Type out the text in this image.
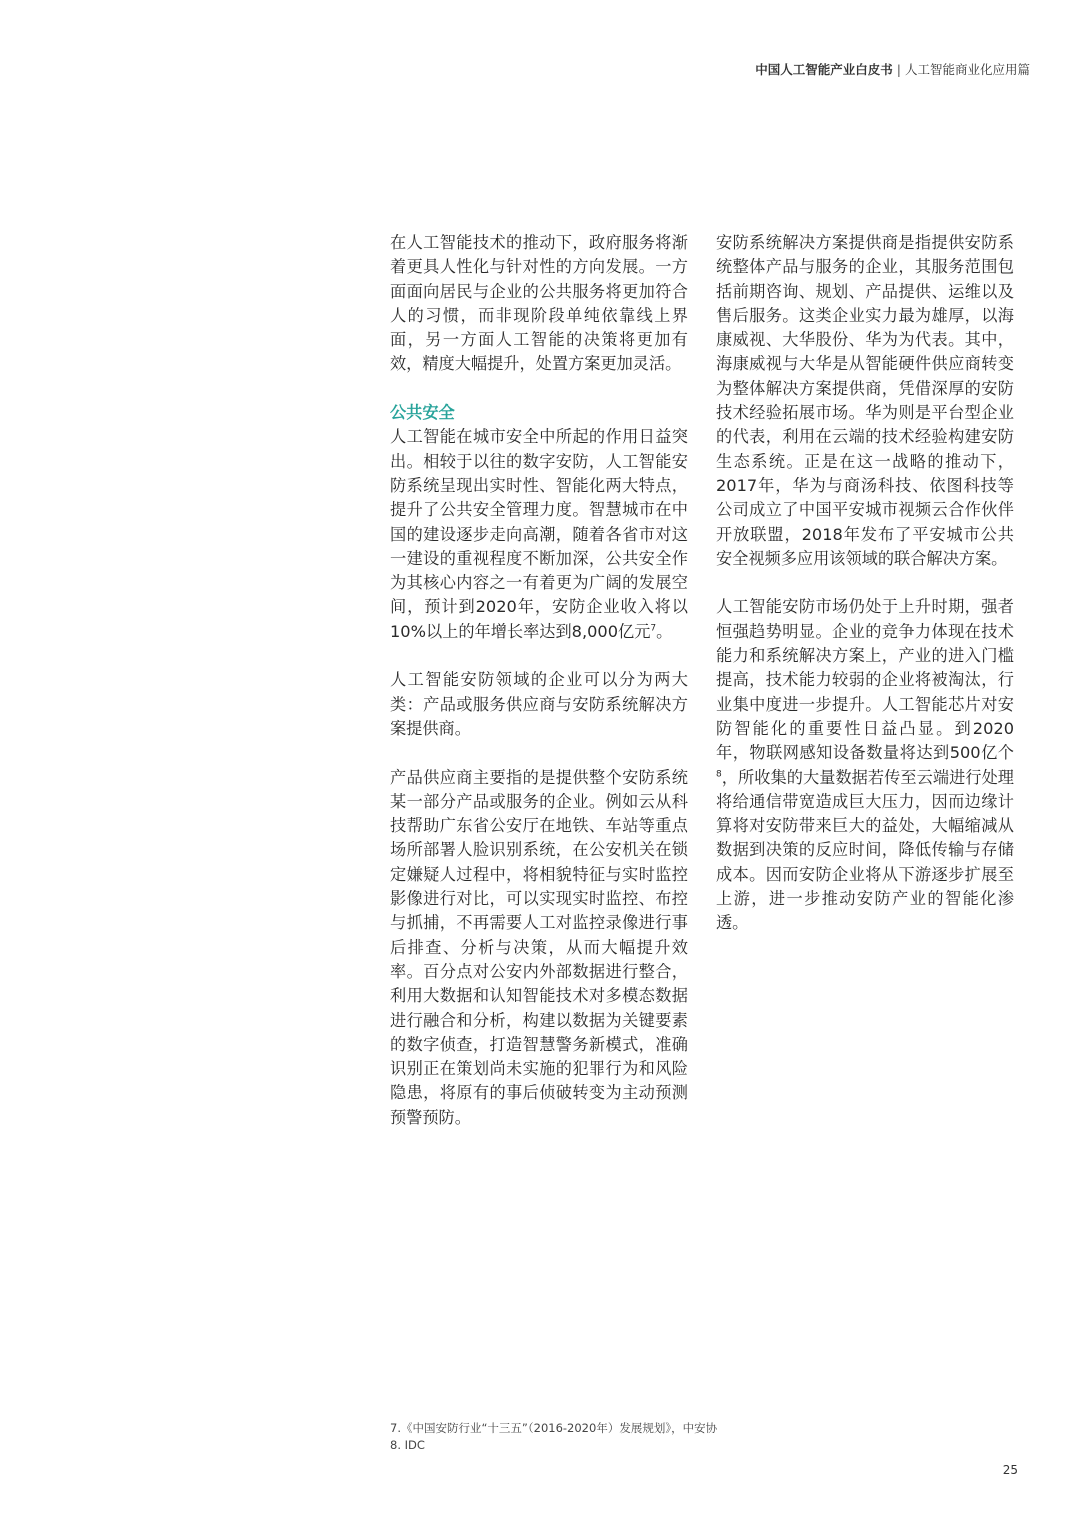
中国人工智能产业白皮书 | 人工智能商业化应用篇

在人工智能技术的推动下，政府服务将渐着更具人性化与针对性的方向发展。一方面面向居民与企业的公共服务将更加符合人的习惯，而非现阶段单纯依靠线上界面，另一方面人工智能的决策将更加有效，精度大幅提升，处置方案更加灵活。

公共安全

人工智能在城市安全中所起的作用日益突出。相较于以往的数字安防，人工智能安防系统呈现出实时性、智能化两大特点，提升了公共安全管理力度。智慧城市在中国的建设逐步走向高潮，随着各省市对这一建设的重视程度不断加深，公共安全作为其核心内容之一有着更为广阔的发展空间，预计到2020年，安防企业收入将以10%以上的年增长率达到8,000亿元$^7$。

人工智能安防领域的企业可以分为两大类：产品或服务供应商与安防系统解决方案提供商。

产品供应商主要指的是提供整个安防系统某一部分产品或服务的企业。例如云从科技帮助广东省公安厅在地铁、车站等重点场所部署人脸识别系统，在公安机关在锁定嫌疑人过程中，将相貌特征与实时监控影像进行对比，可以实现实时监控、布控与抓捕，不再需要人工对监控录像进行事后排查、分析与决策，从而大幅提升效率。百分点对公安内外部数据进行整合，利用大数据和认知智能技术对多模态数据进行融合和分析，构建以数据为关键要素的数字侦查，打造智慧警务新模式，准确识别正在策划尚未实施的犯罪行为和风险隐患，将原有的事后侦破转变为主动预测预警预防。

安防系统解决方案提供商是指提供安防系统整体产品与服务的企业，其服务范围包括前期咨询、规划、产品提供、运维以及售后服务。这类企业实力最为雄厚，以海康威视、大华股份、华为为代表。其中，海康威视与大华是从智能硬件供应商转变为整体解决方案提供商，凭借深厚的安防技术经验拓展市场。华为则是平台型企业的代表，利用在云端的技术经验构建安防生态系统。正是在这一战略的推动下，2017年，华为与商汤科技、依图科技等公司成立了中国平安城市视频云合作伙伴开放联盟，2018年发布了平安城市公共安全视频多应用该领域的联合解决方案。

人工智能安防市场仍处于上升时期，强者恒强趋势明显。企业的竞争力体现在技术能力和系统解决方案上，产业的进入门槛提高，技术能力较弱的企业将被淘汰，行业集中度进一步提升。人工智能芯片对安防智能化的重要性日益凸显。到2020年，物联网感知设备数量将达到500亿个$^8$，所收集的大量数据若传至云端进行处理将给通信带宽造成巨大压力，因而边缘计算将对安防带来巨大的益处，大幅缩减从数据到决策的反应时间，降低传输与存储成本。因而安防企业将从下游逐步扩展至上游，进一步推动安防产业的智能化渗透。

7.《中国安防行业“十三五”（2016-2020年）发展规划》，中安协
8. IDC
25
